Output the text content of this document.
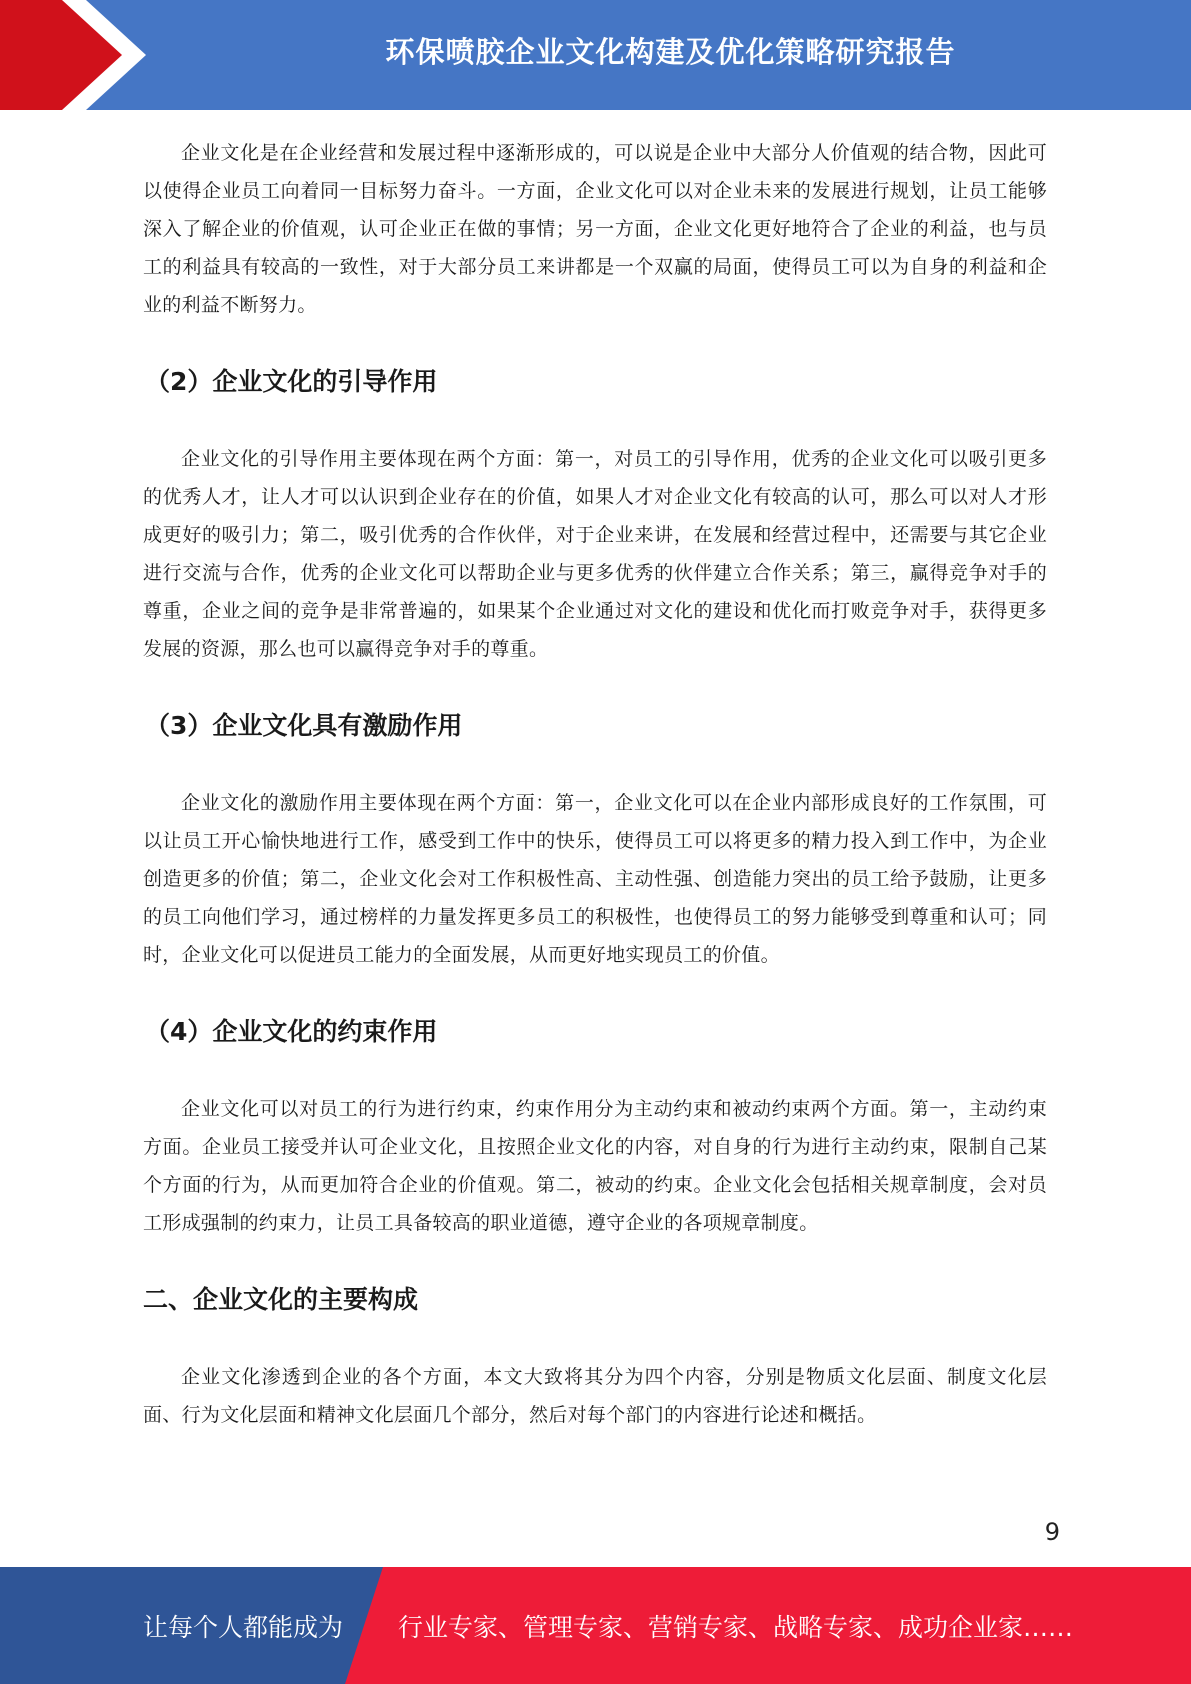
环保喷胶企业文化构建及优化策略研究报告

企业文化是在企业经营和发展过程中逐渐形成的，可以说是企业中大部分人价值观的结合物，因此可以使得企业员工向着同一目标努力奋斗。一方面，企业文化可以对企业未来的发展进行规划，让员工能够深入了解企业的价值观，认可企业正在做的事情；另一方面，企业文化更好地符合了企业的利益，也与员工的利益具有较高的一致性，对于大部分员工来讲都是一个双赢的局面，使得员工可以为自身的利益和企业的利益不断努力。

（2）企业文化的引导作用

企业文化的引导作用主要体现在两个方面：第一，对员工的引导作用，优秀的企业文化可以吸引更多的优秀人才，让人才可以认识到企业存在的价值，如果人才对企业文化有较高的认可，那么可以对人才形成更好的吸引力；第二，吸引优秀的合作伙伴，对于企业来讲，在发展和经营过程中，还需要与其它企业进行交流与合作，优秀的企业文化可以帮助企业与更多优秀的伙伴建立合作关系；第三，赢得竞争对手的尊重，企业之间的竞争是非常普遍的，如果某个企业通过对文化的建设和优化而打败竞争对手，获得更多发展的资源，那么也可以赢得竞争对手的尊重。

（3）企业文化具有激励作用

企业文化的激励作用主要体现在两个方面：第一，企业文化可以在企业内部形成良好的工作氛围，可以让员工开心愉快地进行工作，感受到工作中的快乐，使得员工可以将更多的精力投入到工作中，为企业创造更多的价值；第二，企业文化会对工作积极性高、主动性强、创造能力突出的员工给予鼓励，让更多的员工向他们学习，通过榜样的力量发挥更多员工的积极性，也使得员工的努力能够受到尊重和认可；同时，企业文化可以促进员工能力的全面发展，从而更好地实现员工的价值。

（4）企业文化的约束作用

企业文化可以对员工的行为进行约束，约束作用分为主动约束和被动约束两个方面。第一，主动约束方面。企业员工接受并认可企业文化，且按照企业文化的内容，对自身的行为进行主动约束，限制自己某个方面的行为，从而更加符合企业的价值观。第二，被动的约束。企业文化会包括相关规章制度，会对员工形成强制的约束力，让员工具备较高的职业道德，遵守企业的各项规章制度。

二、企业文化的主要构成

企业文化渗透到企业的各个方面，本文大致将其分为四个内容，分别是物质文化层面、制度文化层面、行为文化层面和精神文化层面几个部分，然后对每个部门的内容进行论述和概括。

9
让每个人都能成为	行业专家、管理专家、营销专家、战略专家、成功企业家……
